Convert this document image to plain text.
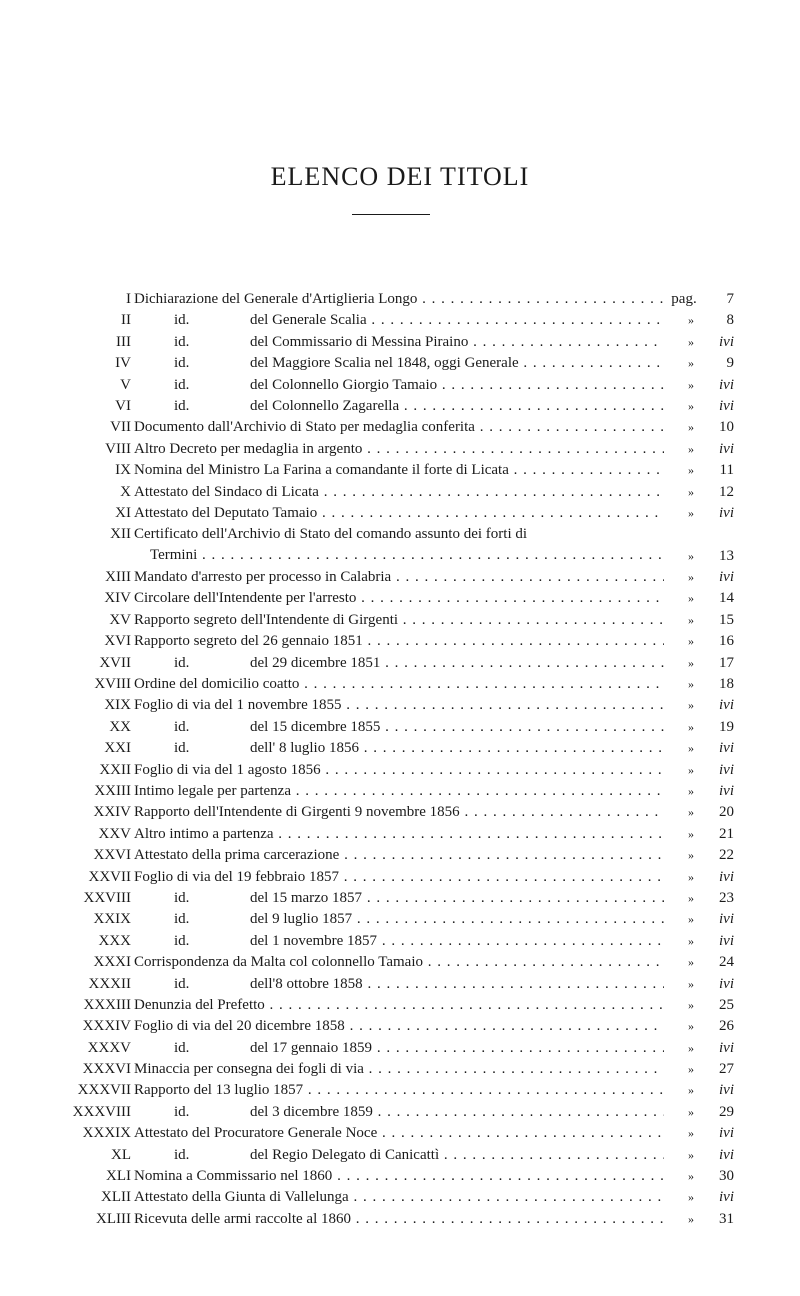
ELENCO DEI TITOLI
I Dichiarazione del Generale d'Artiglieria Longo . . .	pag.	7
II	id.	del Generale Scalia . . .	» 8
III	id.	del Commissario di Messina Piraino . . .	» ivi
IV	id.	del Maggiore Scalia nel 1848, oggi Generale . . .	» 9
V	id.	del Colonnello Giorgio Tamaio . . .	» ivi
VI	id.	del Colonnello Zagarella . . .	» ivi
VII Documento dall'Archivio di Stato per medaglia conferita . . .	» 10
VIII Altro Decreto per medaglia in argento . . .	» ivi
IX Nomina del Ministro La Farina a comandante il forte di Licata . . .	» 11
X Attestato del Sindaco di Licata . . .	» 12
XI Attestato del Deputato Tamaio . . .	» ivi
XII Certificato dell'Archivio di Stato del comando assunto dei forti di
Termini . . .	» 13
XIII Mandato d'arresto per processo in Calabria . . .	» ivi
XIV Circolare dell'Intendente per l'arresto . . .	» 14
XV Rapporto segreto dell'Intendente di Girgenti . . .	» 15
XVI Rapporto segreto del 26 gennaio 1851 . . .	» 16
XVII	id.	del 29 dicembre 1851 . . .	» 17
XVIII Ordine del domicilio coatto . . .	» 18
XIX Foglio di via del 1 novembre 1855 . . .	» ivi
XX	id.	del 15 dicembre 1855 . . .	» 19
XXI	id.	dell' 8 luglio 1856 . . .	» ivi
XXII Foglio di via del 1 agosto 1856 . . .	» ivi
XXIII Intimo legale per partenza . . .	» ivi
XXIV Rapporto dell'Intendente di Girgenti 9 novembre 1856 . . .	» 20
XXV Altro intimo a partenza . . .	» 21
XXVI Attestato della prima carcerazione . . .	» 22
XXVII Foglio di via del 19 febbraio 1857 . . .	» ivi
XXVIII	id.	del 15 marzo 1857 . . .	» 23
XXIX	id.	del 9 luglio 1857 . . .	» ivi
XXX	id.	del 1 novembre 1857 . . .	» ivi
XXXI Corrispondenza da Malta col colonnello Tamaio . . .	» 24
XXXII	id.	dell'8 ottobre 1858 . . .	» ivi
XXXIII Denunzia del Prefetto . . .	» 25
XXXIV Foglio di via del 20 dicembre 1858 . . .	» 26
XXXV	id.	del 17 gennaio 1859 . . .	» ivi
XXXVI Minaccia per consegna dei fogli di via . . .	» 27
XXXVII Rapporto del 13 luglio 1857 . . .	» ivi
XXXVIII	id.	del 3 dicembre 1859 . . .	» 29
XXXIX Attestato del Procuratore Generale Noce . . .	» ivi
XL	id.	del Regio Delegato di Canicattì . . .	» ivi
XLI Nomina a Commissario nel 1860 . . .	» 30
XLII Attestato della Giunta di Vallelunga . . .	» ivi
XLIII Ricevuta delle armi raccolte al 1860 . . .	» 31
